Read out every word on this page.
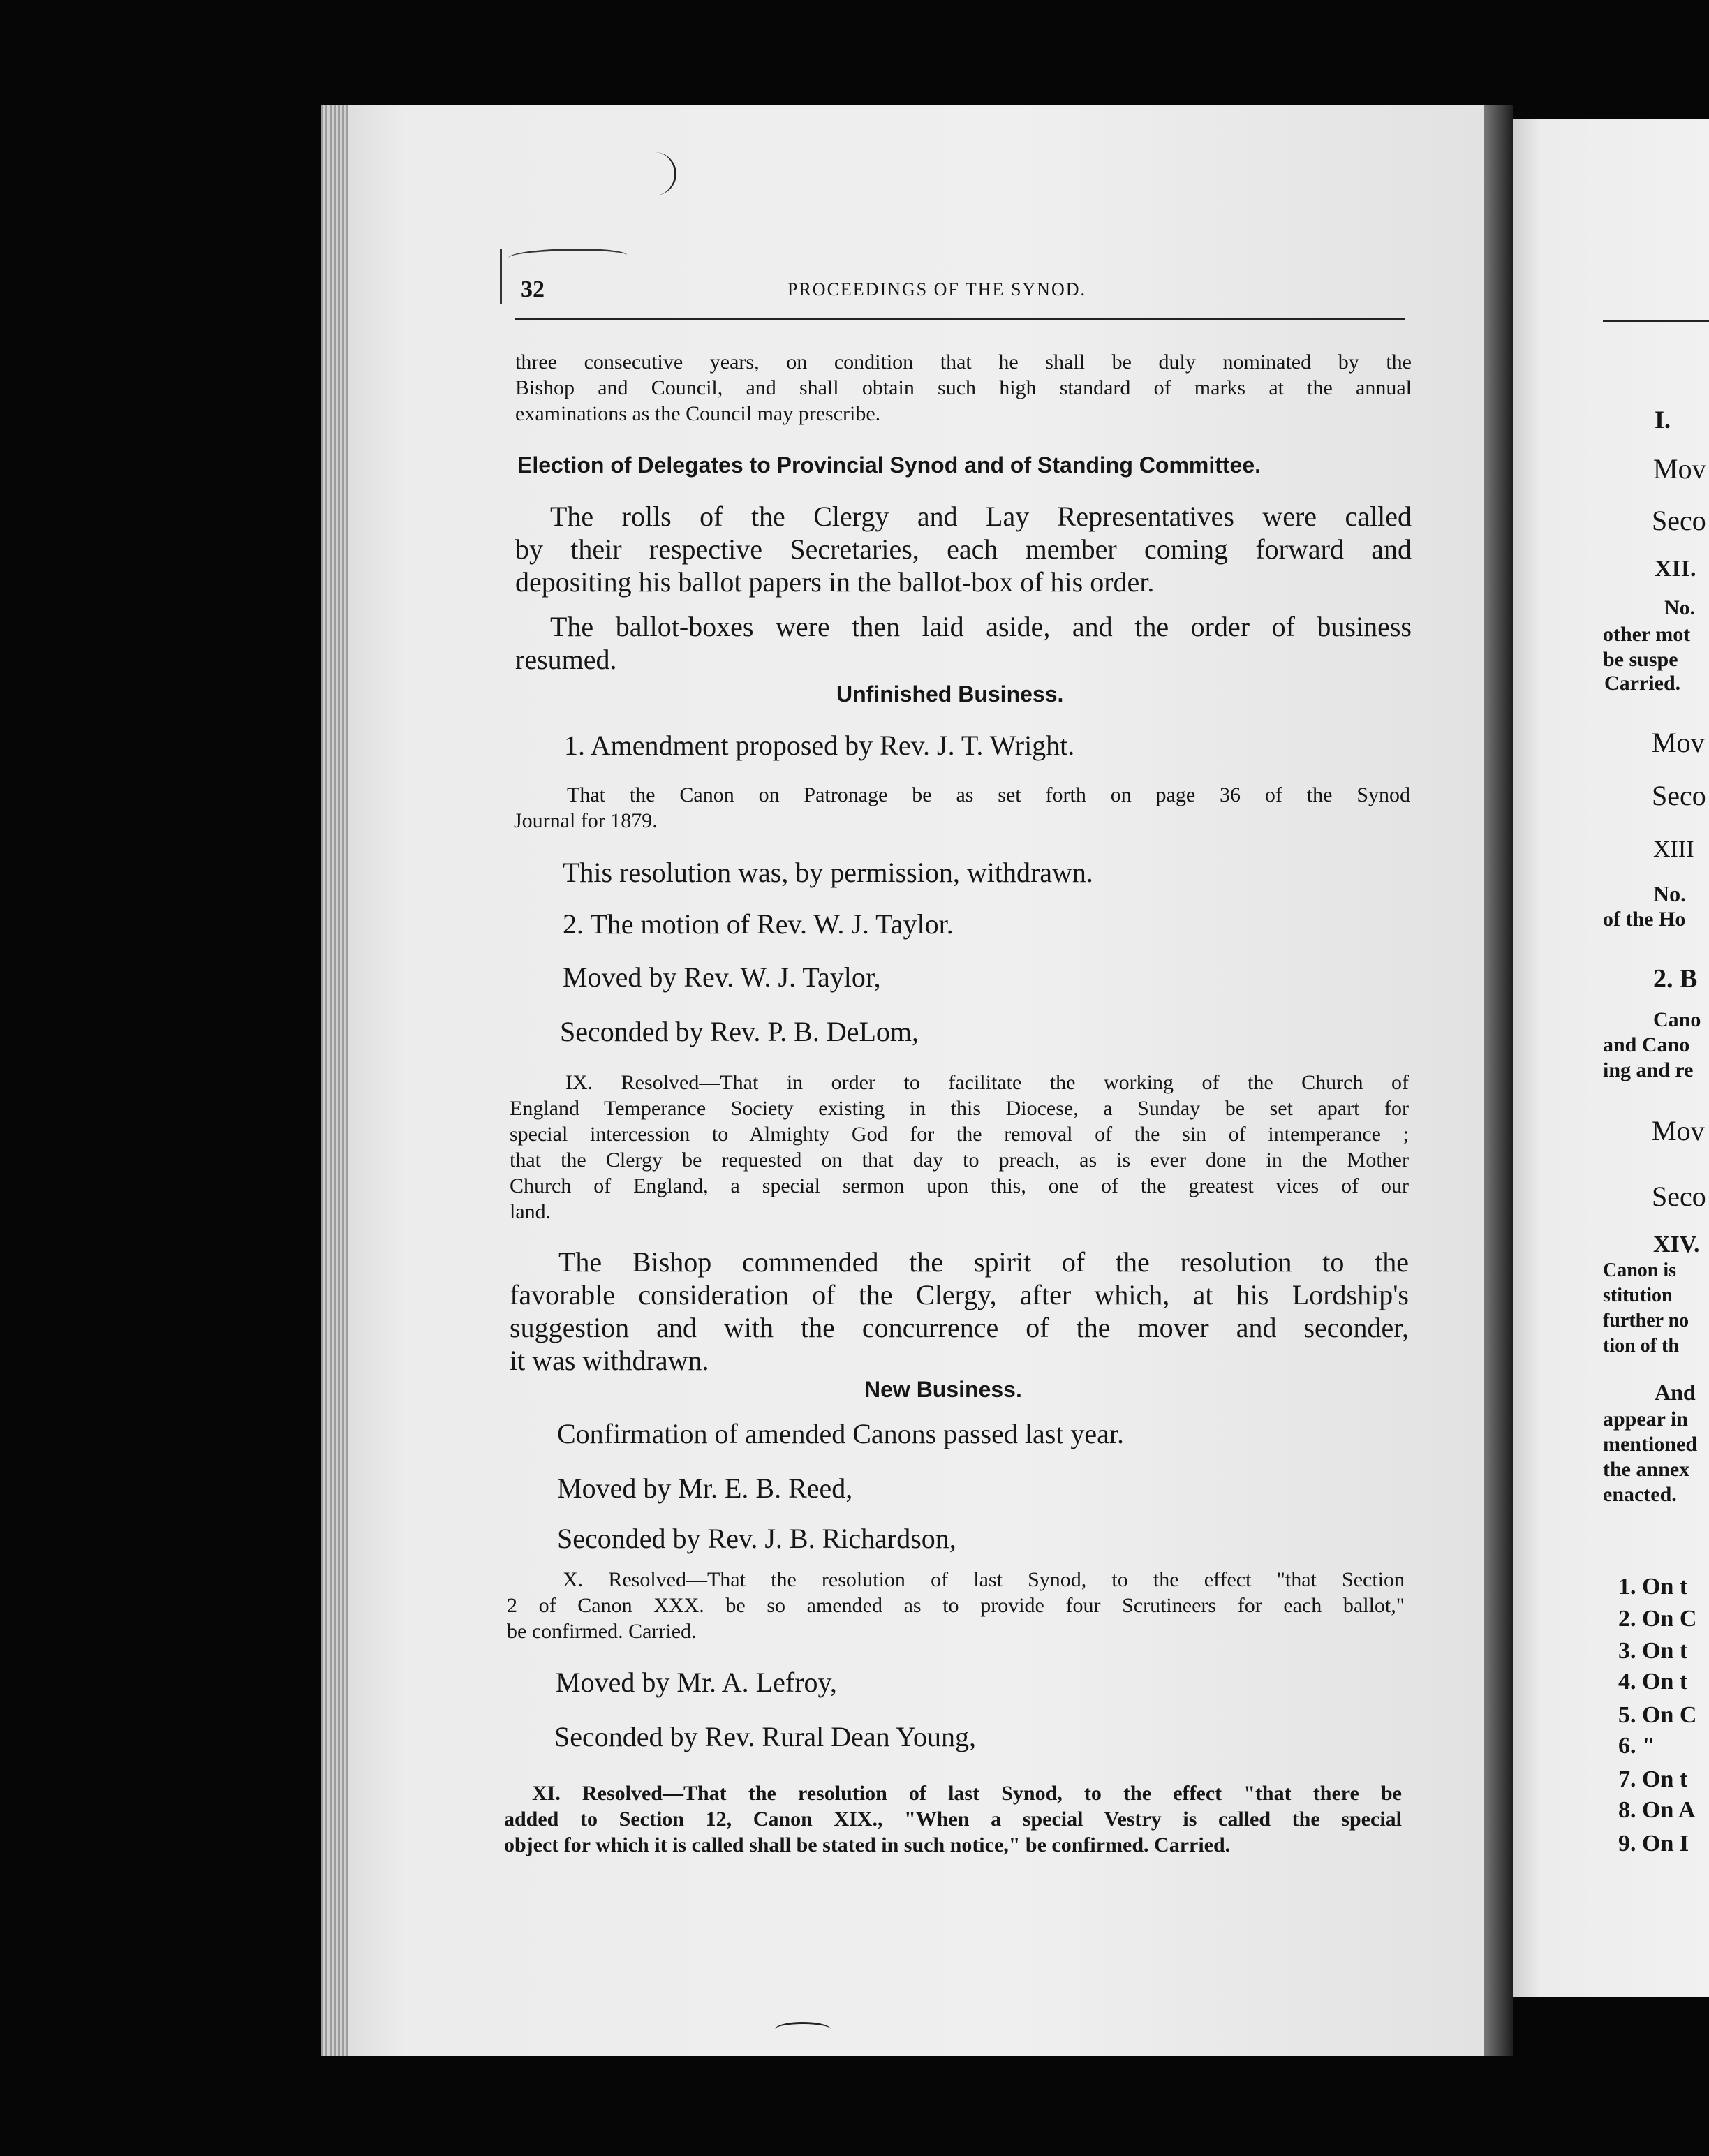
32	PROCEEDINGS OF THE SYNOD.
three consecutive years, on condition that he shall be duly nominated by the
Bishop and Council, and shall obtain such high standard of marks at the annual
examinations as the Council may prescribe.
Election of Delegates to Provincial Synod and of Standing Committee.
The rolls of the Clergy and Lay Representatives were called
by their respective Secretaries, each member coming forward and
depositing his ballot papers in the ballot-box of his order.
The ballot-boxes were then laid aside, and the order of business
resumed.
Unfinished Business.
1. Amendment proposed by Rev. J. T. Wright.
That the Canon on Patronage be as set forth on page 36 of the Synod
Journal for 1879.
This resolution was, by permission, withdrawn.
2. The motion of Rev. W. J. Taylor.
Moved by Rev. W. J. Taylor,
Seconded by Rev. P. B. DeLom,
IX. Resolved—That in order to facilitate the working of the Church of
England Temperance Society existing in this Diocese, a Sunday be set apart for
special intercession to Almighty God for the removal of the sin of intemperance ;
that the Clergy be requested on that day to preach, as is ever done in the Mother
Church of England, a special sermon upon this, one of the greatest vices of our
land.
The Bishop commended the spirit of the resolution to the
favorable consideration of the Clergy, after which, at his Lordship's
suggestion and with the concurrence of the mover and seconder,
it was withdrawn.
New Business.
Confirmation of amended Canons passed last year.
Moved by Mr. E. B. Reed,
Seconded by Rev. J. B. Richardson,
X. Resolved—That the resolution of last Synod, to the effect "that Section
2 of Canon XXX. be so amended as to provide four Scrutineers for each ballot,"
be confirmed. Carried.
Moved by Mr. A. Lefroy,
Seconded by Rev. Rural Dean Young,
XI. Resolved—That the resolution of last Synod, to the effect "that there be
added to Section 12, Canon XIX., "When a special Vestry is called the special
object for which it is called shall be stated in such notice," be confirmed. Carried.
I.
Mov
Seco
XII.
No.
other mot
be suspe
Carried.
Mov
Seco
XIII
No.
of the Ho
2. B
Cano
and Cano
ing and re
Mov
Seco
XIV.
Canon is
stitution
further no
tion of th
And
appear in
mentioned
the annex
enacted.
1. On t
2. On C
3. On t
4. On t
5. On C
6. "
7. On t
8. On A
9. On I
